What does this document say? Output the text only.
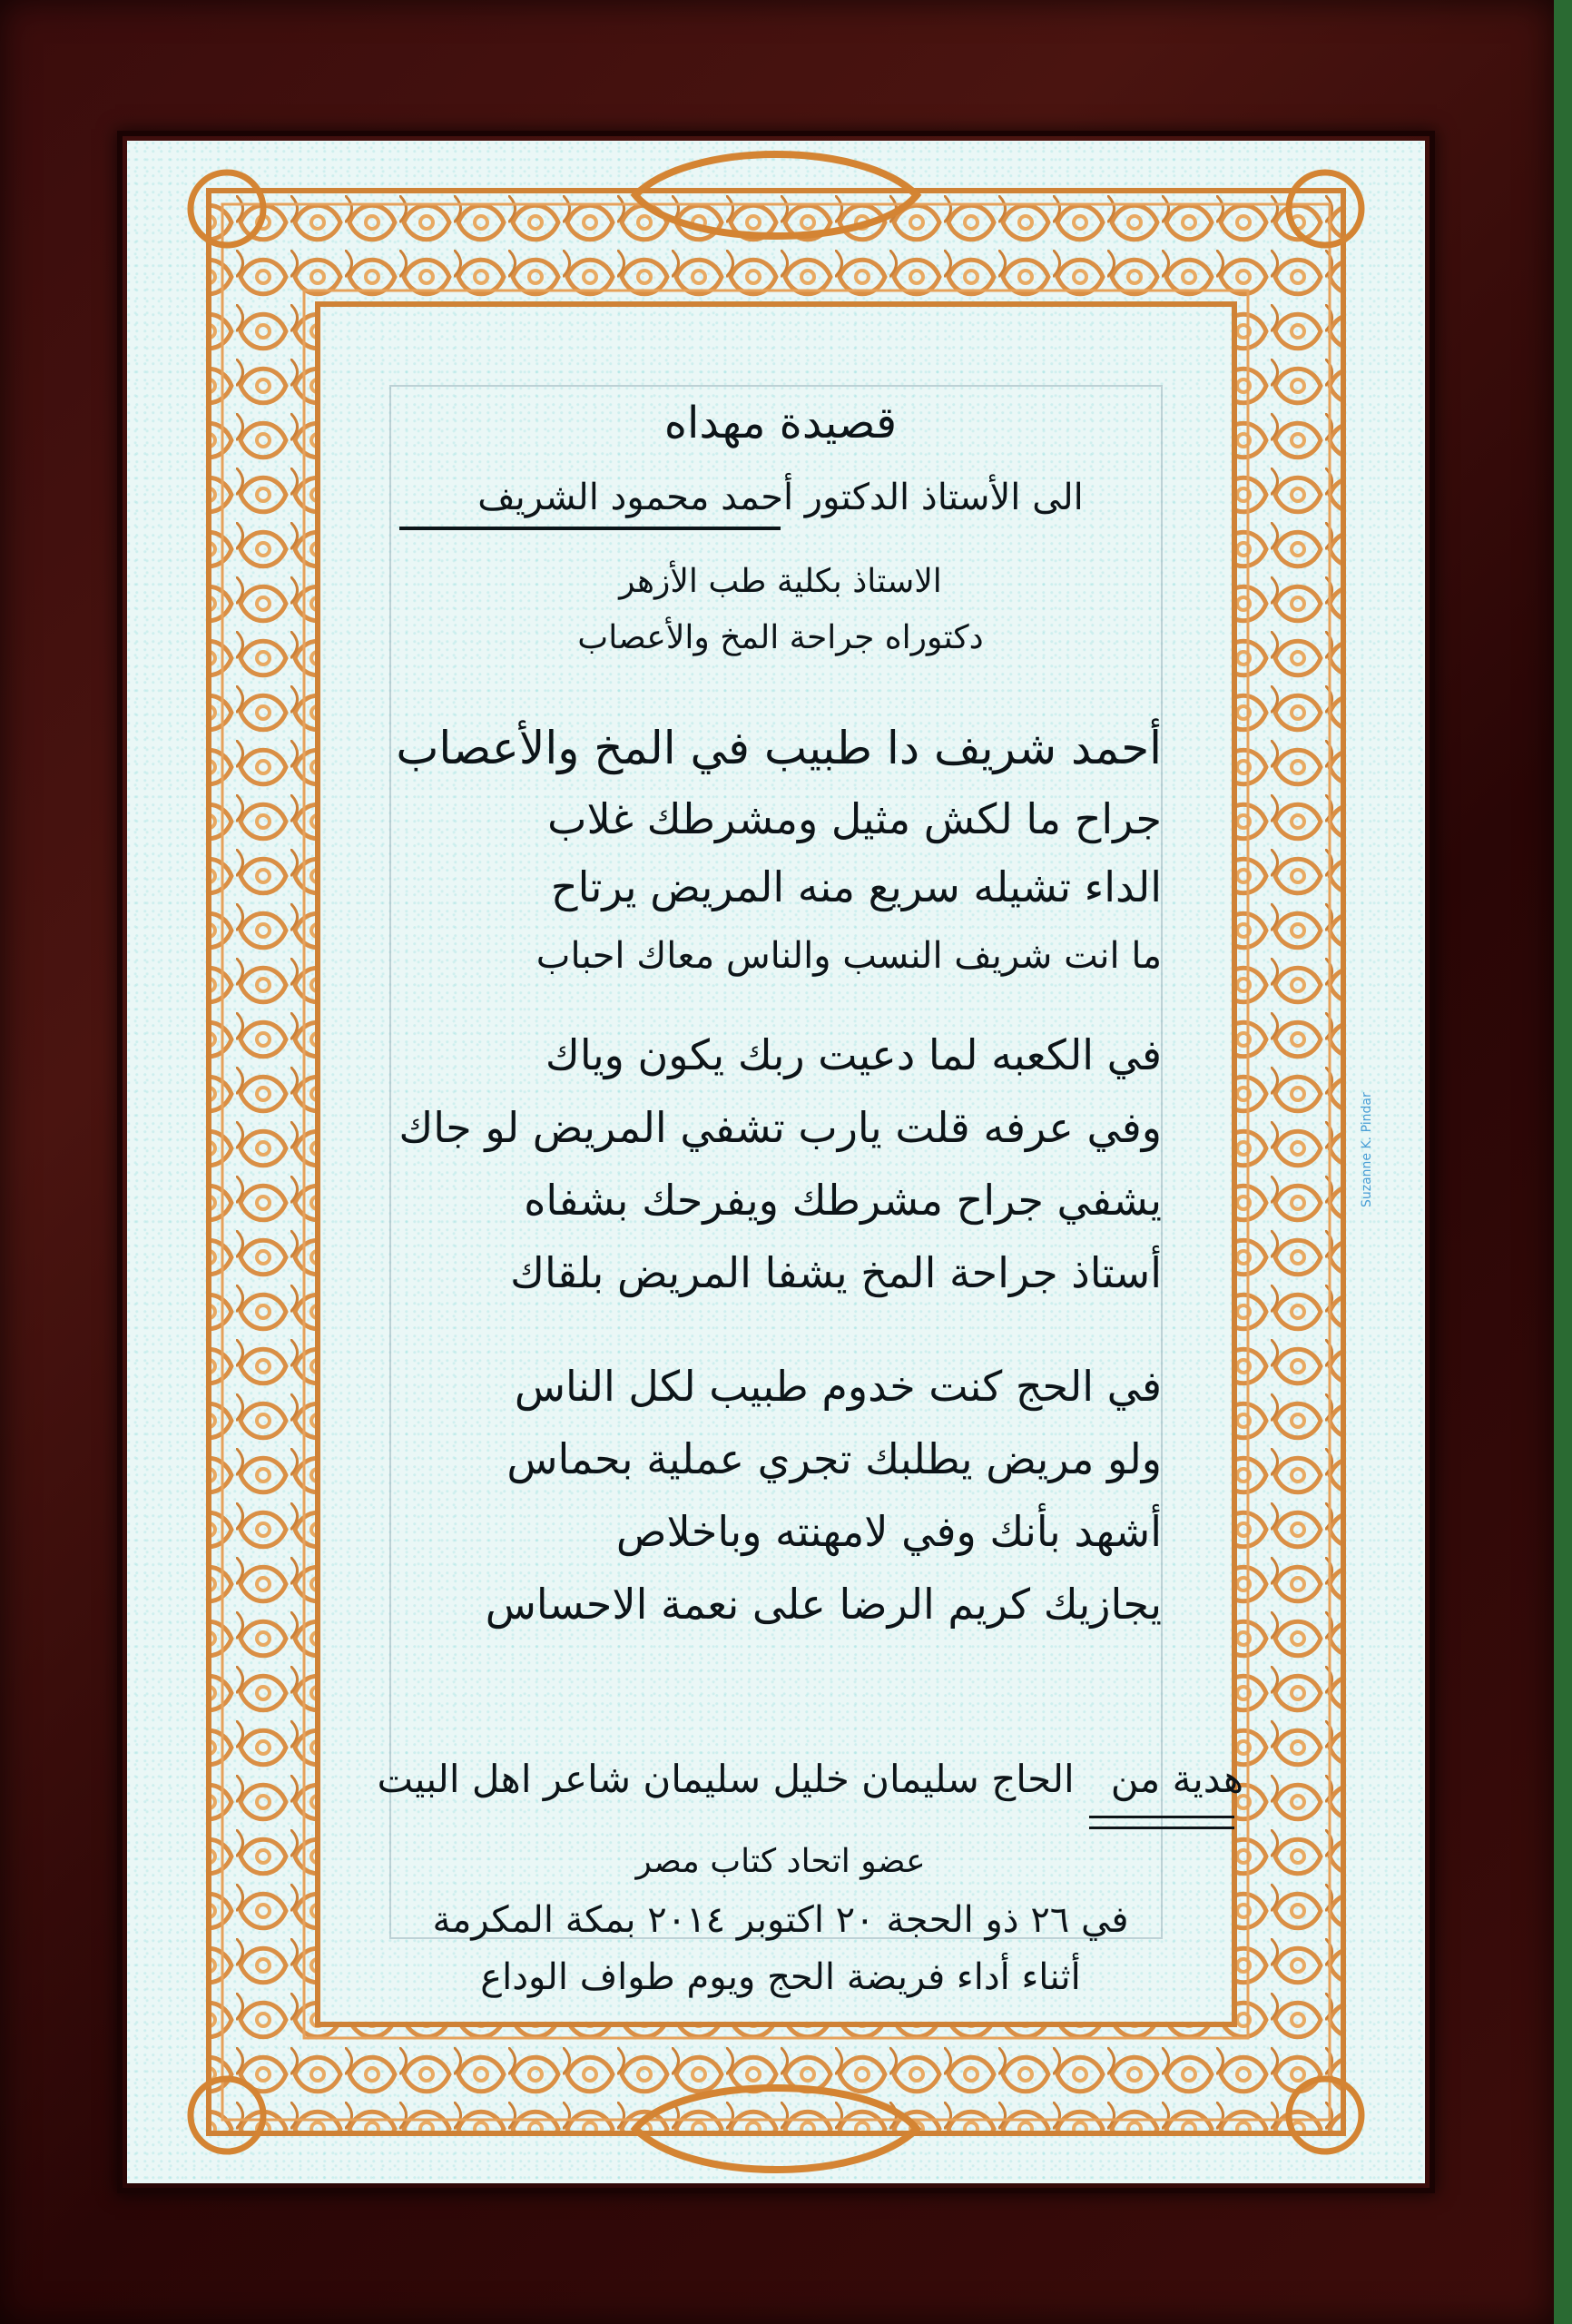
Suzanne K. Pindar
قصيدة مهداه
الى الأستاذ الدكتور أحمد محمود الشريف
الاستاذ بكلية طب الأزهر
دكتوراه جراحة المخ والأعصاب
أحمد شريف دا طبيب في المخ والأعصاب
جراح ما لكش مثيل ومشرطك غلاب
الداء تشيله سريع منه المريض يرتاح
ما انت شريف النسب والناس معاك احباب
في الكعبه لما دعيت ربك يكون وياك
وفي عرفه قلت يارب تشفي المريض لو جاك
يشفي جراح مشرطك ويفرحك بشفاه
أستاذ جراحة المخ يشفا المريض بلقاك
في الحج كنت خدوم طبيب لكل الناس
ولو مريض يطلبك تجري عملية بحماس
أشهد بأنك وفي لامهنته وباخلاص
يجازيك كريم الرضا على نعمة الاحساس
هدية من   الحاج سليمان خليل سليمان شاعر اهل البيت
عضو اتحاد كتاب مصر
في ٢٦ ذو الحجة ٢٠ اكتوبر ٢٠١٤ بمكة المكرمة
أثناء أداء فريضة الحج ويوم طواف الوداع
